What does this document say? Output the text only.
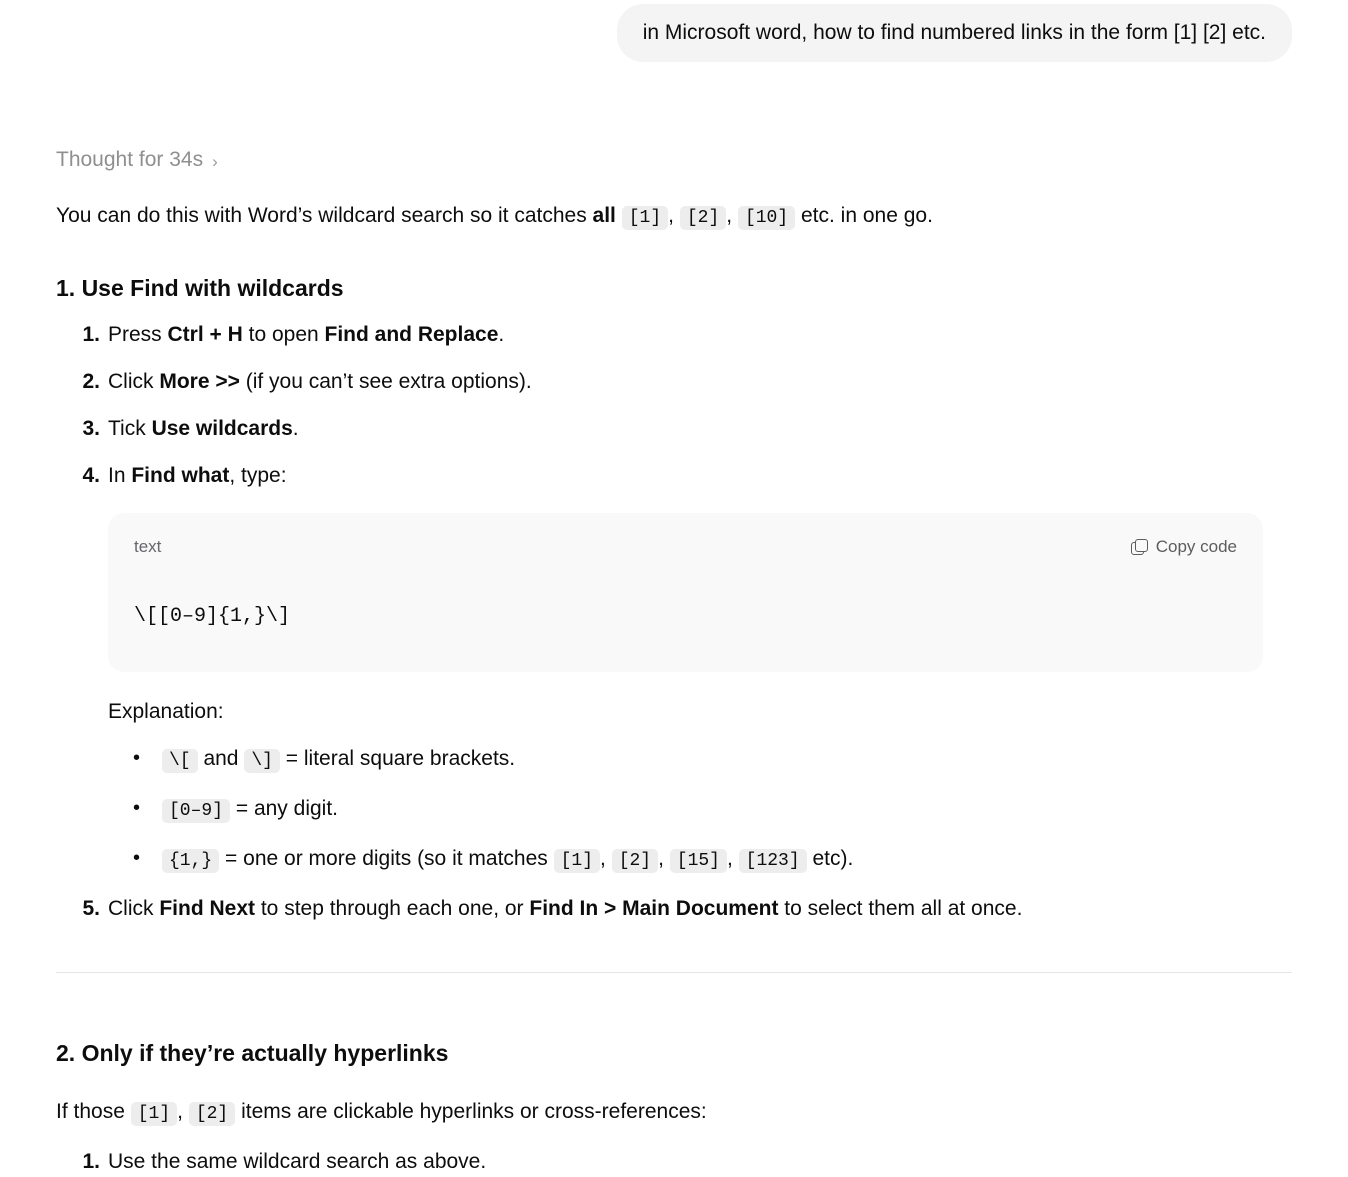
in Microsoft word, how to find numbered links in the form [1] [2] etc.
Thought for 34s ›
You can do this with Word’s wildcard search so it catches all [1] , [2] , [10] etc. in one go.
1. Use Find with wildcards
Press Ctrl + H to open Find and Replace.
Click More >> (if you can’t see extra options).
Tick Use wildcards.
In Find what, type:
text	Copy code
\[[0–9]{1,}\]
Explanation:
• \[ and \] = literal square brackets.
• [0–9] = any digit.
• {1,} = one or more digits (so it matches [1] , [2] , [15] , [123] etc).
Click Find Next to step through each one, or Find In > Main Document to select them all at once.
2. Only if they’re actually hyperlinks
If those [1] , [2] items are clickable hyperlinks or cross-references:
Use the same wildcard search as above.
